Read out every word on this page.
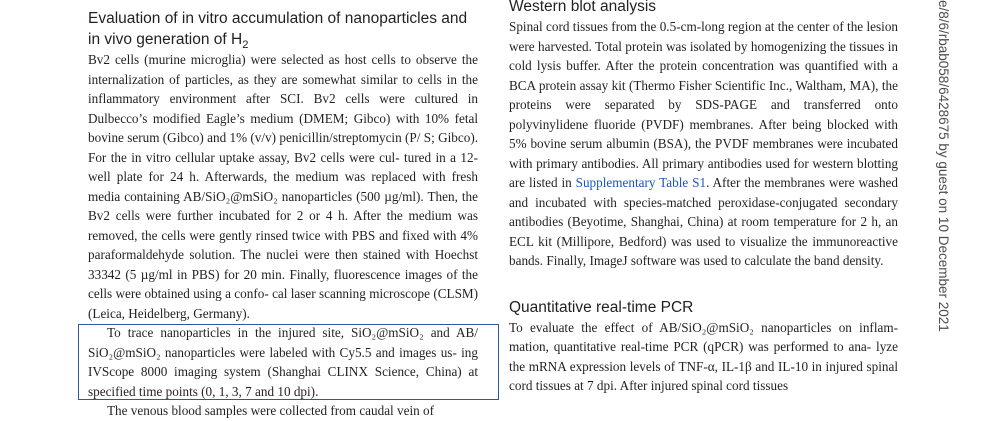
Evaluation of in vitro accumulation of nanoparticles and
in vivo generation of $H_2$

Bv2 cells (murine microglia) were selected as host cells to observe the internalization of particles, as they are somewhat similar to cells in the inflammatory environment after SCI. Bv2 cells were cultured in Dulbecco’s modified Eagle’s medium (DMEM; Gibco) with 10% fetal bovine serum (Gibco) and 1% (v/v) penicillin/streptomycin (P/ S; Gibco). For the in vitro cellular uptake assay, Bv2 cells were cul- tured in a 12-well plate for 24 h. Afterwards, the medium was replaced with fresh media containing AB/SiO₂@mSiO₂ nanoparticles (500 µg/ml). Then, the Bv2 cells were further incubated for 2 or 4 h. After the medium was removed, the cells were gently rinsed twice with PBS and fixed with 4% paraformaldehyde solution. The nuclei were then stained with Hoechst 33342 (5 µg/ml in PBS) for 20 min. Finally, fluorescence images of the cells were obtained using a confo- cal laser scanning microscope (CLSM) (Leica, Heidelberg, Germany).

To trace nanoparticles in the injured site, SiO₂@mSiO₂ and AB/ SiO₂@mSiO₂ nanoparticles were labeled with Cy5.5 and images us- ing IVScope 8000 imaging system (Shanghai CLINX Science, China) at specified time points (0, 1, 3, 7 and 10 dpi).

The venous blood samples were collected from caudal vein of

Western blot analysis

Spinal cord tissues from the 0.5-cm-long region at the center of the lesion were harvested. Total protein was isolated by homogenizing the tissues in cold lysis buffer. After the protein concentration was quantified with a BCA protein assay kit (Thermo Fisher Scientific Inc., Waltham, MA), the proteins were separated by SDS-PAGE and transferred onto polyvinylidene fluoride (PVDF) membranes. After being blocked with 5% bovine serum albumin (BSA), the PVDF membranes were incubated with primary antibodies. All primary antibodies used for western blotting are listed in Supplementary Table S1. After the membranes were washed and incubated with species-matched peroxidase-conjugated secondary antibodies (Beyotime, Shanghai, China) at room temperature for 2 h, an ECL kit (Millipore, Bedford) was used to visualize the immunoreactive bands. Finally, ImageJ software was used to calculate the band density.

Quantitative real-time PCR

To evaluate the effect of AB/SiO₂@mSiO₂ nanoparticles on inflam- mation, quantitative real-time PCR (qPCR) was performed to ana- lyze the mRNA expression levels of TNF-α, IL-1β and IL-10 in injured spinal cord tissues at 7 dpi. After injured spinal cord tissues

e/8/6/rbab058/6428675 by guest on 10 December 2021
